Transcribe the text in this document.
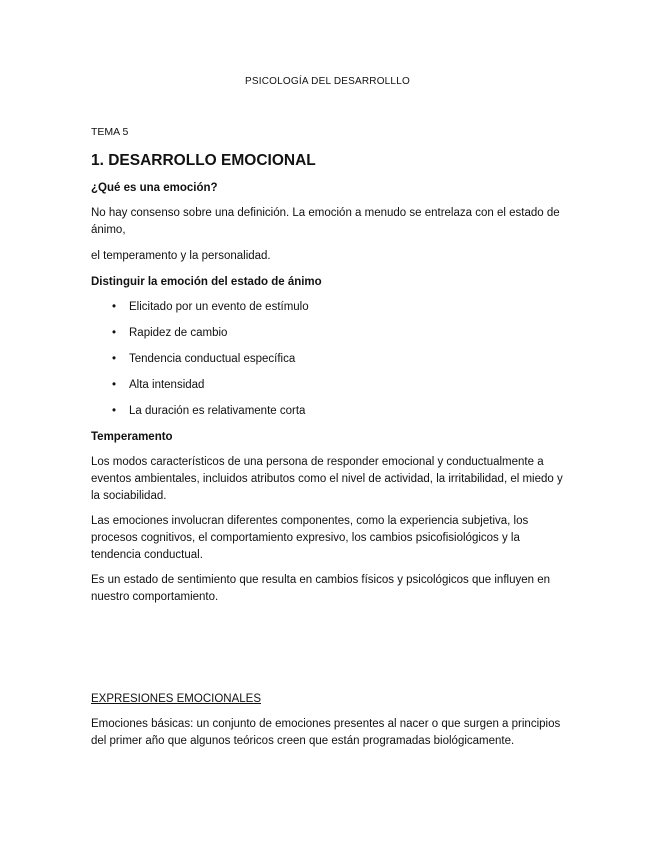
PSICOLOGÍA DEL DESARROLLLO
TEMA 5
1. DESARROLLO EMOCIONAL
¿Qué es una emoción?
No hay consenso sobre una definición. La emoción a menudo se entrelaza con el estado de ánimo,
el temperamento y la personalidad.
Distinguir la emoción del estado de ánimo
• Elicitado por un evento de estímulo
• Rapidez de cambio
• Tendencia conductual específica
• Alta intensidad
• La duración es relativamente corta
Temperamento
Los modos característicos de una persona de responder emocional y conductualmente a eventos ambientales, incluidos atributos como el nivel de actividad, la irritabilidad, el miedo y la sociabilidad.
Las emociones involucran diferentes componentes, como la experiencia subjetiva, los procesos cognitivos, el comportamiento expresivo, los cambios psicofisiológicos y la tendencia conductual.
Es un estado de sentimiento que resulta en cambios físicos y psicológicos que influyen en nuestro comportamiento.
EXPRESIONES EMOCIONALES
Emociones básicas: un conjunto de emociones presentes al nacer o que surgen a principios del primer año que algunos teóricos creen que están programadas biológicamente.
